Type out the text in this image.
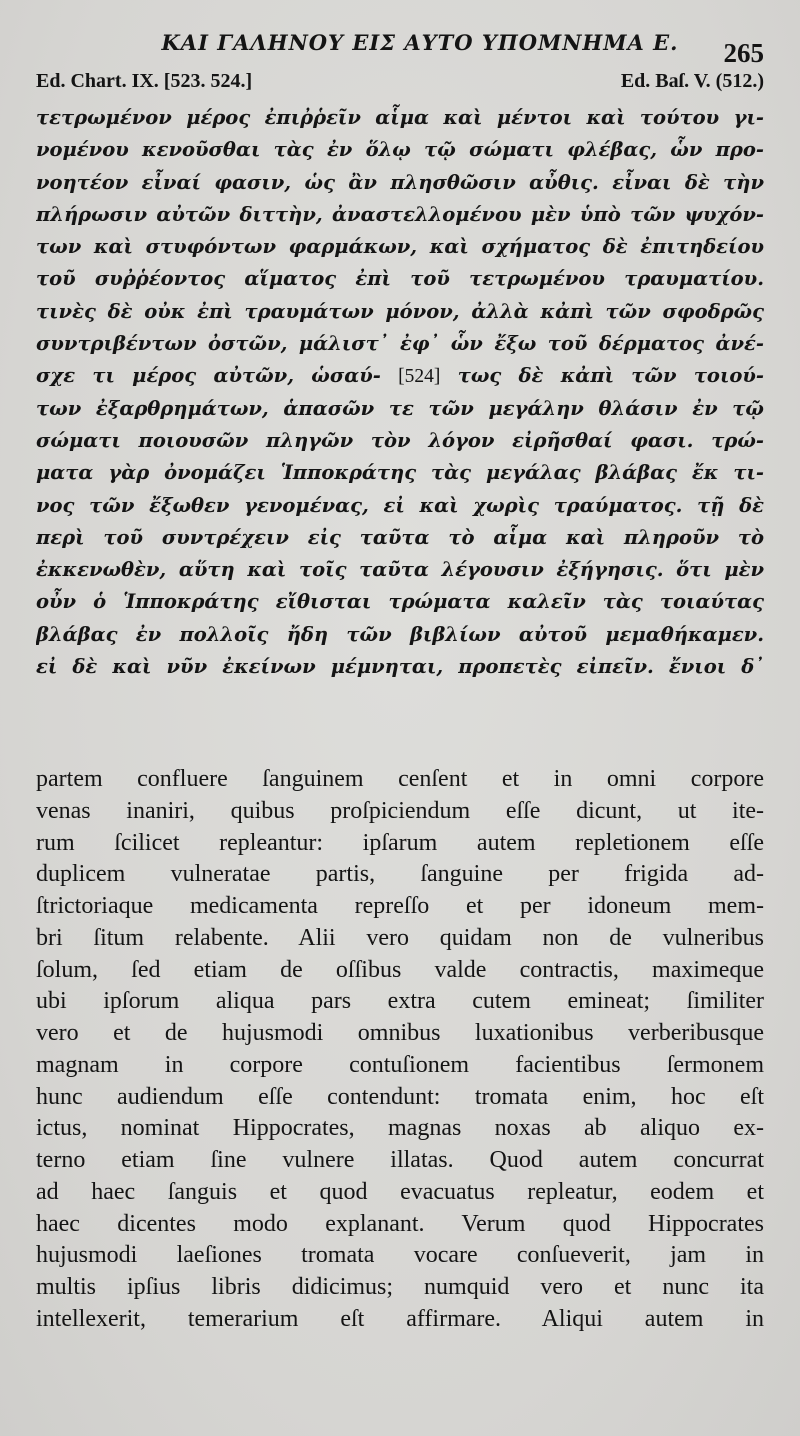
ΚΑΙ ΓΑΛΗΝΟΥ ΕΙΣ ΑΥΤΟ ΥΠΟΜΝΗΜΑ Ε.	265
Ed. Chart. IX. [523. 524.]	Ed. Baſ. V. (512.)
τετρωμένον μέρος ἐπιῤῥεῖν αἷμα καὶ μέντοι καὶ τούτου γι-
νομένου κενοῦσθαι τὰς ἐν ὅλῳ τῷ σώματι φλέβας, ὧν προ-
νοητέον εἶναί φασιν, ὡς ἂν πλησθῶσιν αὖθις. εἶναι δὲ τὴν
πλήρωσιν αὐτῶν διττὴν, ἀναστελλομένου μὲν ὑπὸ τῶν ψυχόν-
των καὶ στυφόντων φαρμάκων, καὶ σχήματος δὲ ἐπιτηδείου
τοῦ συῤῥέοντος αἵματος ἐπὶ τοῦ τετρωμένου τραυματίου.
τινὲς δὲ οὐκ ἐπὶ τραυμάτων μόνον, ἀλλὰ κἀπὶ τῶν σφοδρῶς
συντριβέντων ὀστῶν, μάλιστ᾽ ἐφ᾽ ὧν ἔξω τοῦ δέρματος ἀνέ-
σχε τι μέρος αὐτῶν, ὡσαύ- [524] τως δὲ κἀπὶ τῶν τοιού-
των ἐξαρθρημάτων, ἁπασῶν τε τῶν μεγάλην θλάσιν ἐν τῷ
σώματι ποιουσῶν πληγῶν τὸν λόγον εἰρῆσθαί φασι. τρώ-
ματα γὰρ ὀνομάζει Ἱπποκράτης τὰς μεγάλας βλάβας ἔκ τι-
νος τῶν ἔξωθεν γενομένας, εἰ καὶ χωρὶς τραύματος. τῇ δὲ
περὶ τοῦ συντρέχειν εἰς ταῦτα τὸ αἷμα καὶ πληροῦν τὸ
ἐκκενωθὲν, αὕτη καὶ τοῖς ταῦτα λέγουσιν ἐξήγησις. ὅτι μὲν
οὖν ὁ Ἱπποκράτης εἴθισται τρώματα καλεῖν τὰς τοιαύτας
βλάβας ἐν πολλοῖς ἤδη τῶν βιβλίων αὐτοῦ μεμαθήκαμεν.
εἰ δὲ καὶ νῦν ἐκείνων μέμνηται, προπετὲς εἰπεῖν. ἔνιοι δ᾽
partem confluere ſanguinem cenſent et in omni corpore
venas inaniri, quibus proſpiciendum eſſe dicunt, ut ite-
rum ſcilicet repleantur: ipſarum autem repletionem eſſe
duplicem vulneratae partis, ſanguine per frigida ad-
ſtrictoriaque medicamenta repreſſo et per idoneum mem-
bri ſitum relabente. Alii vero quidam non de vulneribus
ſolum, ſed etiam de oſſibus valde contractis, maximeque
ubi ipſorum aliqua pars extra cutem emineat; ſimiliter
vero et de hujusmodi omnibus luxationibus verberibusque
magnam in corpore contuſionem facientibus ſermonem
hunc audiendum eſſe contendunt: tromata enim, hoc eſt
ictus, nominat Hippocrates, magnas noxas ab aliquo ex-
terno etiam ſine vulnere illatas. Quod autem concurrat
ad haec ſanguis et quod evacuatus repleatur, eodem et
haec dicentes modo explanant. Verum quod Hippocrates
hujusmodi laeſiones tromata vocare conſueverit, jam in
multis ipſius libris didicimus; numquid vero et nunc ita
intellexerit, temerarium eſt affirmare. Aliqui autem in
